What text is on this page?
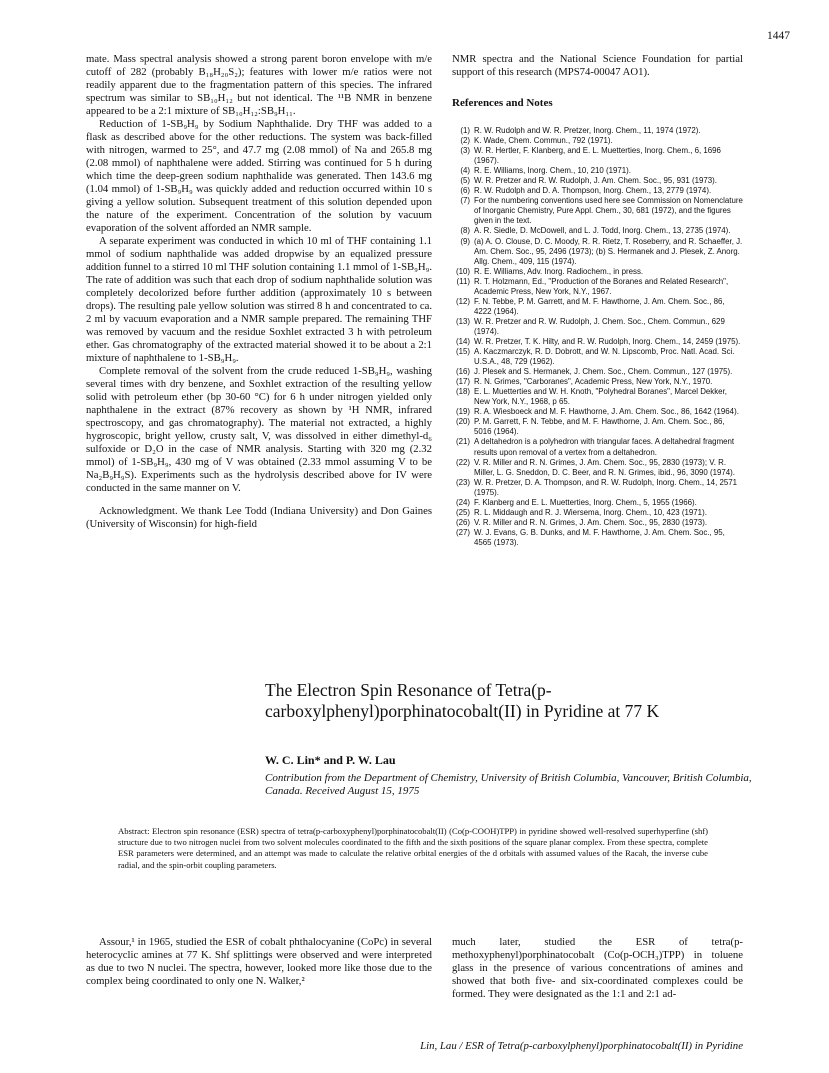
1447

mate. Mass spectral analysis showed a strong parent boron envelope with m/e cutoff of 282 (probably B₁₈H₂₀S₂); features with lower m/e ratios were not readily apparent due to the fragmentation pattern of this species. The infrared spectrum was similar to SB₁₀H₁₂ but not identical. The ¹¹B NMR in benzene appeared to be a 2:1 mixture of SB₁₀H₁₂:SB₉H₁₁.

Reduction of 1-SB₉H₉ by Sodium Naphthalide. Dry THF was added to a flask as described above for the other reductions. The system was back-filled with nitrogen, warmed to 25°, and 47.7 mg (2.08 mmol) of Na and 265.8 mg (2.08 mmol) of naphthalene were added. Stirring was continued for 5 h during which time the deep-green sodium naphthalide was generated. Then 143.6 mg (1.04 mmol) of 1-SB₉H₉ was quickly added and reduction occurred within 10 s giving a yellow solution. Subsequent treatment of this solution depended upon the nature of the experiment. Concentration of the solution by vacuum evaporation of the solvent afforded an NMR sample.

A separate experiment was conducted in which 10 ml of THF containing 1.1 mmol of sodium naphthalide was added dropwise by an equalized pressure addition funnel to a stirred 10 ml THF solution containing 1.1 mmol of 1-SB₉H₉. The rate of addition was such that each drop of sodium naphthalide solution was completely decolorized before further addition (approximately 10 s between drops). The resulting pale yellow solution was stirred 8 h and concentrated to ca. 2 ml by vacuum evaporation and a NMR sample prepared. The remaining THF was removed by vacuum and the residue Soxhlet extracted 3 h with petroleum ether. Gas chromatography of the extracted material showed it to be about a 2:1 mixture of naphthalene to 1-SB₉H₉.

Complete removal of the solvent from the crude reduced 1-SB₉H₉, washing several times with dry benzene, and Soxhlet extraction of the resulting yellow solid with petroleum ether (bp 30-60 °C) for 6 h under nitrogen yielded only naphthalene in the extract (87% recovery as shown by ¹H NMR, infrared spectroscopy, and gas chromatography). The material not extracted, a highly hygroscopic, bright yellow, crusty salt, V, was dissolved in either dimethyl-d₆ sulfoxide or D₂O in the case of NMR analysis. Starting with 320 mg (2.32 mmol) of 1-SB₉H₉, 430 mg of V was obtained (2.33 mmol assuming V to be Na₂B₉H₉S). Experiments such as the hydrolysis described above for IV were conducted in the same manner on V.

Acknowledgment. We thank Lee Todd (Indiana University) and Don Gaines (University of Wisconsin) for high-field

NMR spectra and the National Science Foundation for partial support of this research (MPS74-00047 AO1).

References and Notes
(1) R. W. Rudolph and W. R. Pretzer, Inorg. Chem., 11, 1974 (1972).
(2) K. Wade, Chem. Commun., 792 (1971).
(3) W. R. Hertler, F. Klanberg, and E. L. Muetterties, Inorg. Chem., 6, 1696 (1967).
(4) R. E. Williams, Inorg. Chem., 10, 210 (1971).
(5) W. R. Pretzer and R. W. Rudolph, J. Am. Chem. Soc., 95, 931 (1973).
(6) R. W. Rudolph and D. A. Thompson, Inorg. Chem., 13, 2779 (1974).
(7) For the numbering conventions used here see Commission on Nomenclature of Inorganic Chemistry, Pure Appl. Chem., 30, 681 (1972), and the figures given in the text.
(8) A. R. Siedle, D. McDowell, and L. J. Todd, Inorg. Chem., 13, 2735 (1974).
(9) (a) A. O. Clouse, D. C. Moody, R. R. Rietz, T. Roseberry, and R. Schaeffer, J. Am. Chem. Soc., 95, 2496 (1973); (b) S. Hermanek and J. Plesek, Z. Anorg. Allg. Chem., 409, 115 (1974).
(10) R. E. Williams, Adv. Inorg. Radiochem., in press.
(11) R. T. Holzmann, Ed., "Production of the Boranes and Related Research", Academic Press, New York, N.Y., 1967.
(12) F. N. Tebbe, P. M. Garrett, and M. F. Hawthorne, J. Am. Chem. Soc., 86, 4222 (1964).
(13) W. R. Pretzer and R. W. Rudolph, J. Chem. Soc., Chem. Commun., 629 (1974).
(14) W. R. Pretzer, T. K. Hilty, and R. W. Rudolph, Inorg. Chem., 14, 2459 (1975).
(15) A. Kaczmarczyk, R. D. Dobrott, and W. N. Lipscomb, Proc. Natl. Acad. Sci. U.S.A., 48, 729 (1962).
(16) J. Plesek and S. Hermanek, J. Chem. Soc., Chem. Commun., 127 (1975).
(17) R. N. Grimes, "Carboranes", Academic Press, New York, N.Y., 1970.
(18) E. L. Muetterties and W. H. Knoth, "Polyhedral Boranes", Marcel Dekker, New York, N.Y., 1968, p 65.
(19) R. A. Wiesboeck and M. F. Hawthorne, J. Am. Chem. Soc., 86, 1642 (1964).
(20) P. M. Garrett, F. N. Tebbe, and M. F. Hawthorne, J. Am. Chem. Soc., 86, 5016 (1964).
(21) A deltahedron is a polyhedron with triangular faces. A deltahedral fragment results upon removal of a vertex from a deltahedron.
(22) V. R. Miller and R. N. Grimes, J. Am. Chem. Soc., 95, 2830 (1973); V. R. Miller, L. G. Sneddon, D. C. Beer, and R. N. Grimes, ibid., 96, 3090 (1974).
(23) W. R. Pretzer, D. A. Thompson, and R. W. Rudolph, Inorg. Chem., 14, 2571 (1975).
(24) F. Klanberg and E. L. Muetterties, Inorg. Chem., 5, 1955 (1966).
(25) R. L. Middaugh and R. J. Wiersema, Inorg. Chem., 10, 423 (1971).
(26) V. R. Miller and R. N. Grimes, J. Am. Chem. Soc., 95, 2830 (1973).
(27) W. J. Evans, G. B. Dunks, and M. F. Hawthorne, J. Am. Chem. Soc., 95, 4565 (1973).
The Electron Spin Resonance of Tetra(p-carboxylphenyl)porphinatocobalt(II) in Pyridine at 77 K
W. C. Lin* and P. W. Lau
Contribution from the Department of Chemistry, University of British Columbia, Vancouver, British Columbia, Canada. Received August 15, 1975
Abstract: Electron spin resonance (ESR) spectra of tetra(p-carboxyphenyl)porphinatocobalt(II) (Co(p-COOH)TPP) in pyridine showed well-resolved superhyperfine (shf) structure due to two nitrogen nuclei from two solvent molecules coordinated to the fifth and the sixth positions of the square planar complex. From these spectra, complete ESR parameters were determined, and an attempt was made to calculate the relative orbital energies of the d orbitals with assumed values of the Racah, the inverse cube radial, and the spin-orbit coupling parameters.

Assour,¹ in 1965, studied the ESR of cobalt phthalocyanine (CoPc) in several heterocyclic amines at 77 K. Shf splittings were observed and were interpreted as due to two N nuclei. The spectra, however, looked more like those due to the complex being coordinated to only one N. Walker,²

much later, studied the ESR of tetra(p-methoxyphenyl)porphinatocobalt (Co(p-OCH₃)TPP) in toluene glass in the presence of various concentrations of amines and showed that both five- and six-coordinated complexes could be formed. They were designated as the 1:1 and 2:1 ad-

Lin, Lau / ESR of Tetra(p-carboxylphenyl)porphinatocobalt(II) in Pyridine
